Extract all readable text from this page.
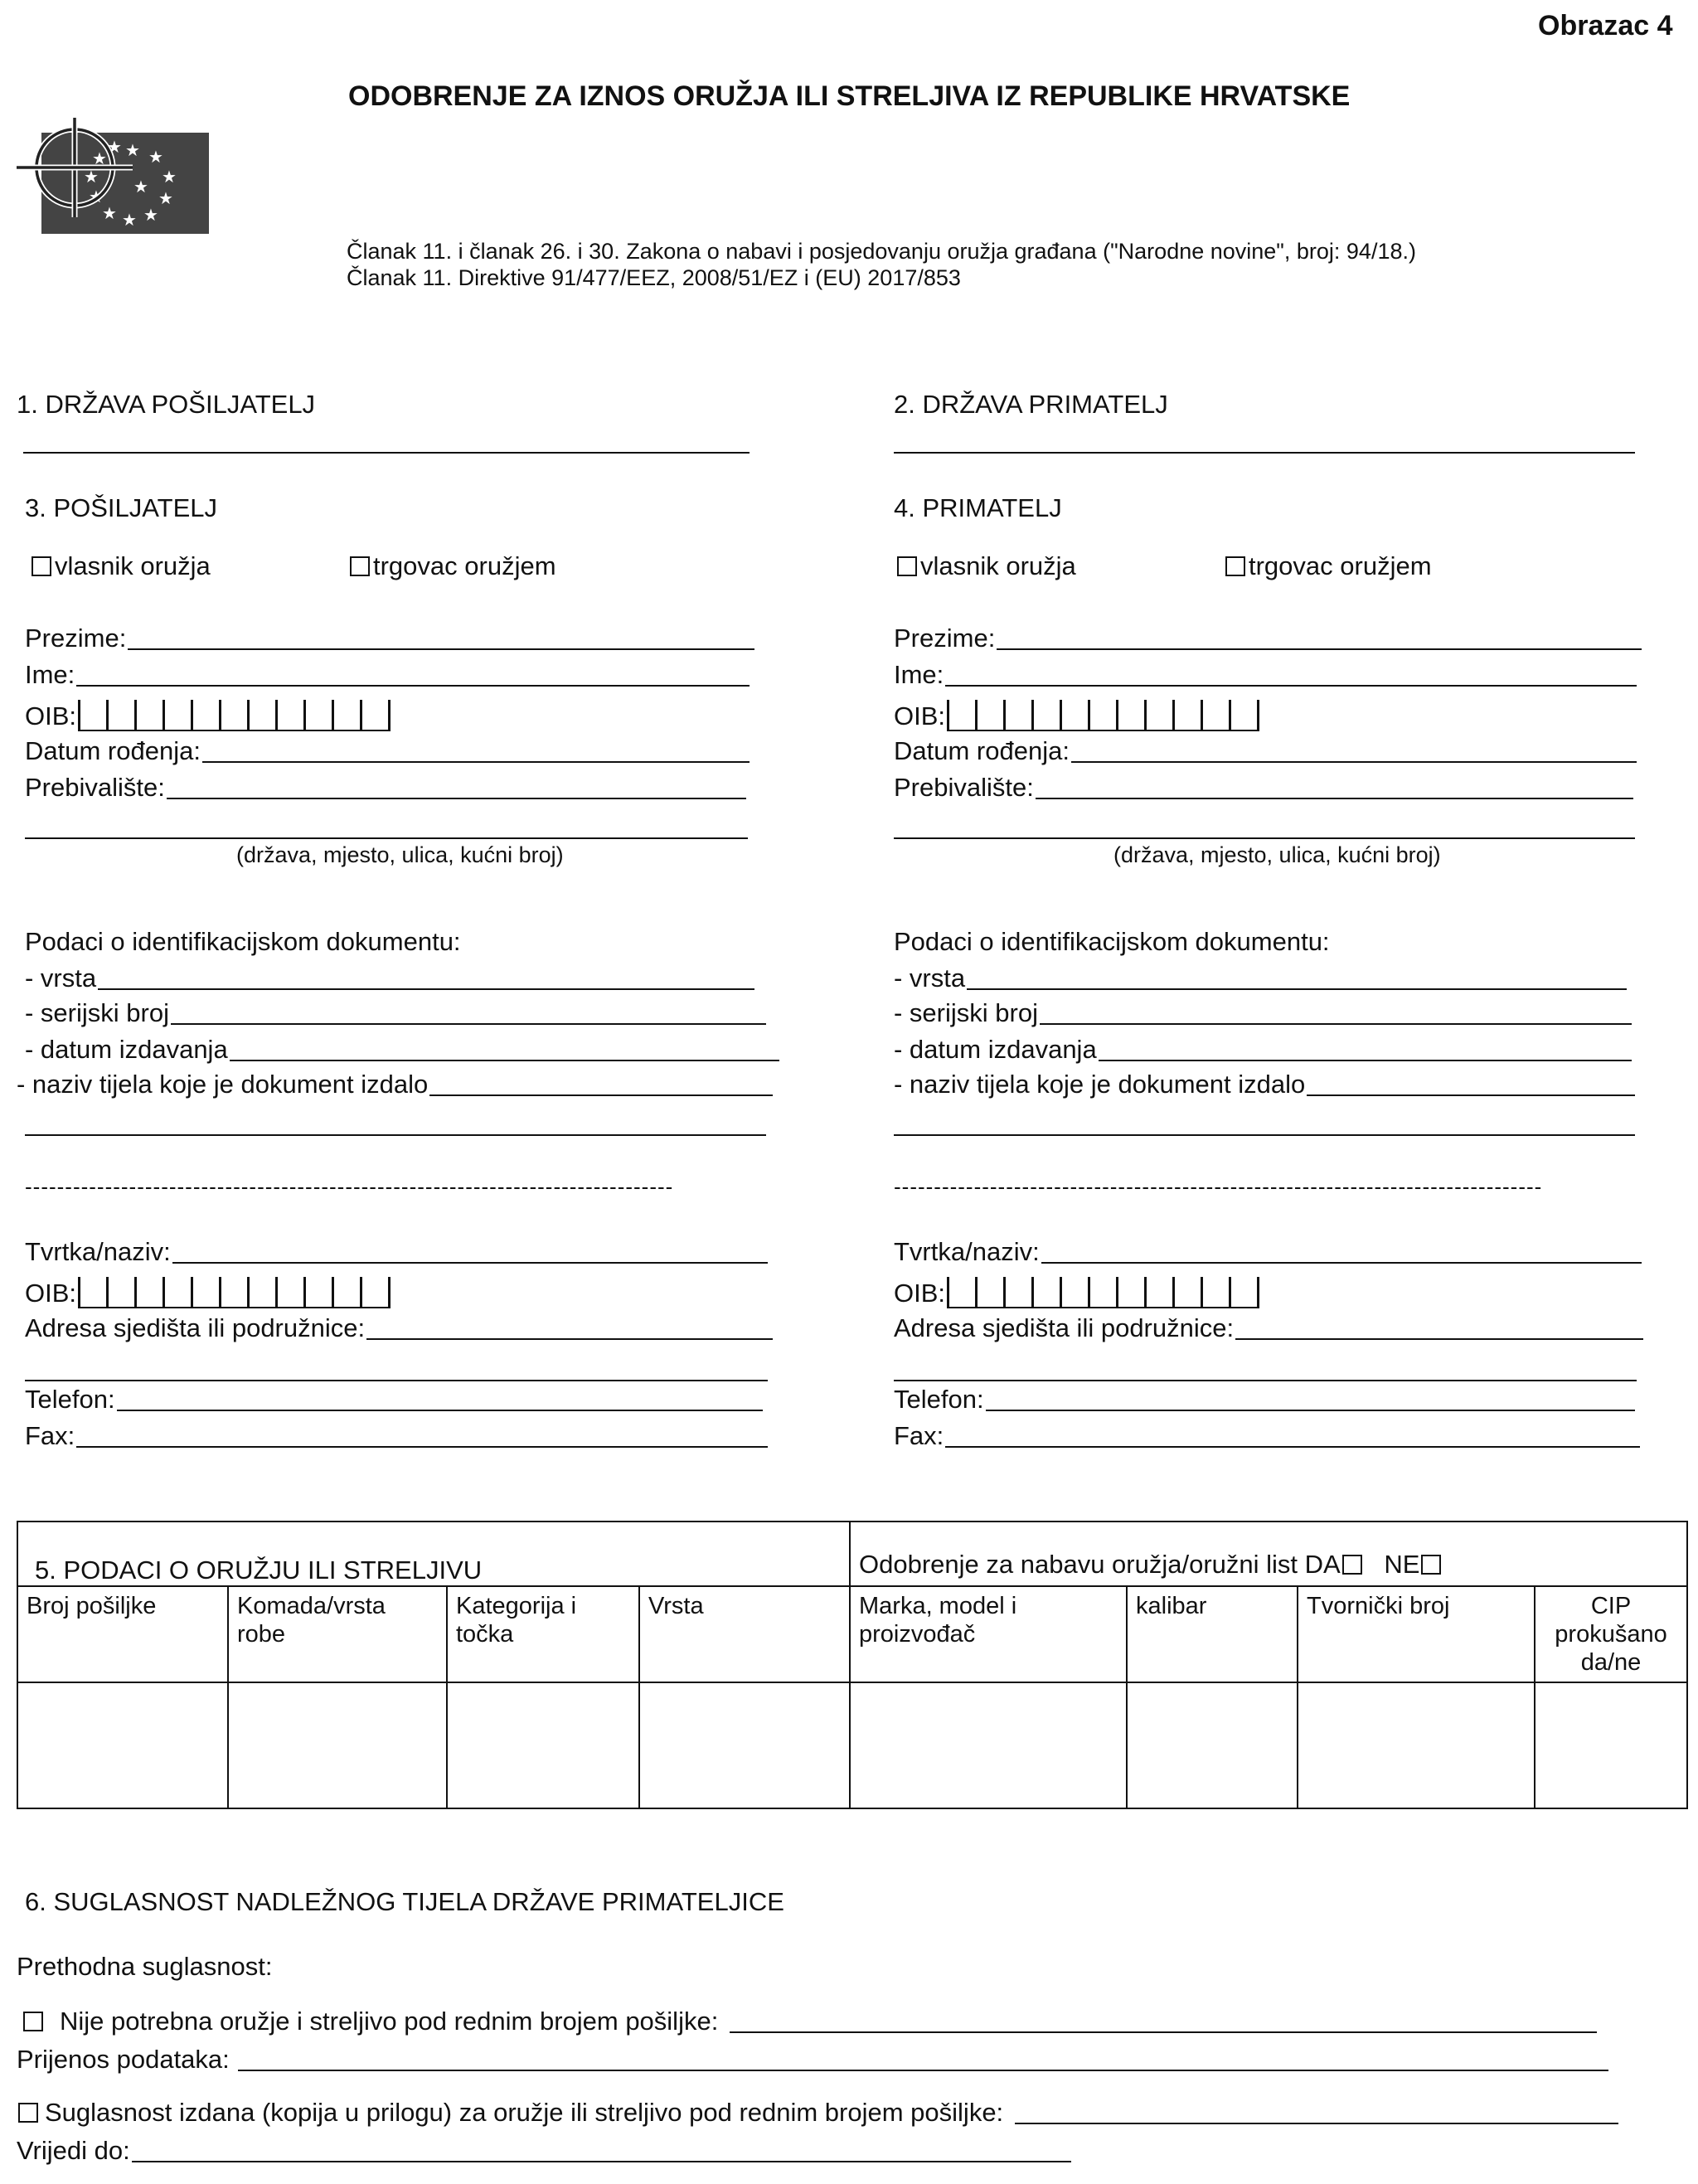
Obrazac 4
ODOBRENJE ZA IZNOS ORUŽJA ILI STRELJIVA IZ REPUBLIKE HRVATSKE
★ ★
★
★
★
★
★
★
★
★
★
★
Članak 11. i članak 26. i 30. Zakona o nabavi i posjedovanju oružja građana ("Narodne novine", broj: 94/18.)
Članak 11. Direktive 91/477/EEZ, 2008/51/EZ i (EU) 2017/853
1. DRŽAVA POŠILJATELJ	2. DRŽAVA PRIMATELJ
3. POŠILJATELJ
vlasnik oružja	trgovac oružjem
Prezime:
Ime:
OIB:
Datum rođenja:
Prebivalište:
(država, mjesto, ulica, kućni broj)
Podaci o identifikacijskom dokumentu:
- vrsta
- serijski broj
- datum izdavanja
- naziv tijela koje je dokument izdalo
---------------------------------------------------------------------------------
Tvrtka/naziv:
OIB:
Adresa sjedišta ili podružnice:
Telefon:
Fax:
4. PRIMATELJ
vlasnik oružja	trgovac oružjem
Prezime:
Ime:
OIB:
Datum rođenja:
Prebivalište:
(država, mjesto, ulica, kućni broj)
Podaci o identifikacijskom dokumentu:
- vrsta
- serijski broj
- datum izdavanja
- naziv tijela koje je dokument izdalo
---------------------------------------------------------------------------------
Tvrtka/naziv:
OIB:
Adresa sjedišta ili podružnice:
Telefon:
Fax:
5. PODACI O ORUŽJU ILI STRELJIVU				Odobrenje za nabavu oružja/oružni list DA NE			
Broj pošiljke	Komada/vrsta robe	Kategorija i točka	Vrsta	Marka, model i proizvođač	kalibar	Tvornički broj	CIP prokušano da/ne

6. SUGLASNOST NADLEŽNOG TIJELA DRŽAVE PRIMATELJICE
Prethodna suglasnost:
Nije potrebna oružje i streljivo pod rednim brojem pošiljke:
Prijenos podataka:
Suglasnost izdana (kopija u prilogu) za oružje ili streljivo pod rednim brojem pošiljke:
Vrijedi do:
